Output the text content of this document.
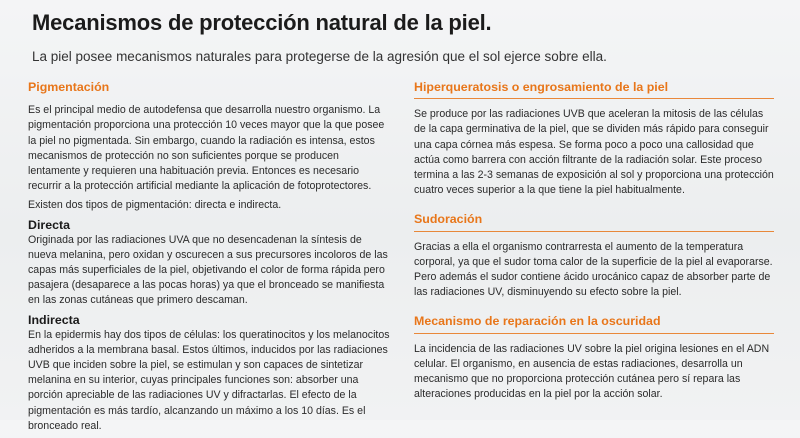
Mecanismos de protección natural de la piel.
La piel posee mecanismos naturales para protegerse de la agresión que el sol ejerce sobre ella.
Pigmentación

Es el principal medio de autodefensa que desarrolla nuestro organismo. La pigmentación proporciona una protección 10 veces mayor que la que posee la piel no pigmentada. Sin embargo, cuando la radiación es intensa, estos mecanismos de protección no son suficientes porque se producen lentamente y requieren una habituación previa. Entonces es necesario recurrir a la protección artificial mediante la aplicación de fotoprotectores.

Existen dos tipos de pigmentación: directa e indirecta.

Directa

Originada por las radiaciones UVA que no desencadenan la síntesis de nueva melanina, pero oxidan y oscurecen a sus precursores incoloros de las capas más superficiales de la piel, objetivando el color de forma rápida pero pasajera (desaparece a las pocas horas) ya que el bronceado se manifiesta en las zonas cutáneas que primero descaman.

Indirecta

En la epidermis hay dos tipos de células: los queratinocitos y los melanocitos adheridos a la membrana basal. Estos últimos, inducidos por las radiaciones UVB que inciden sobre la piel, se estimulan y son capaces de sintetizar melanina en su interior, cuyas principales funciones son: absorber una porción apreciable de las radiaciones UV y difractarlas. El efecto de la pigmentación es más tardío, alcanzando un máximo a los 10 días. Es el bronceado real.

Hiperqueratosis o engrosamiento de la piel

Se produce por las radiaciones UVB que aceleran la mitosis de las células de la capa germinativa de la piel, que se dividen más rápido para conseguir una capa córnea más espesa. Se forma poco a poco una callosidad que actúa como barrera con acción filtrante de la radiación solar. Este proceso termina a las 2-3 semanas de exposición al sol y proporciona una protección cuatro veces superior a la que tiene la piel habitualmente.

Sudoración

Gracias a ella el organismo contrarresta el aumento de la temperatura corporal, ya que el sudor toma calor de la superficie de la piel al evaporarse. Pero además el sudor contiene ácido urocánico capaz de absorber parte de las radiaciones UV, disminuyendo su efecto sobre la piel.

Mecanismo de reparación en la oscuridad

La incidencia de las radiaciones UV sobre la piel origina lesiones en el ADN celular. El organismo, en ausencia de estas radiaciones, desarrolla un mecanismo que no proporciona protección cutánea pero sí repara las alteraciones producidas en la piel por la acción solar.
